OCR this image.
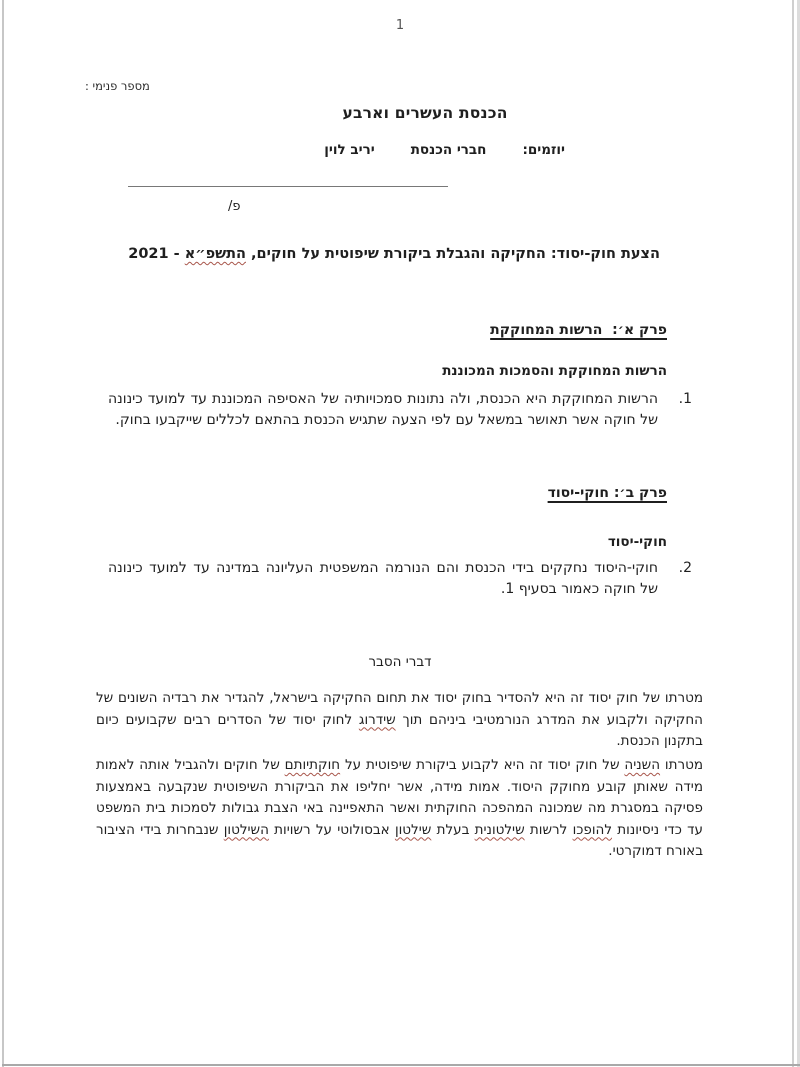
1
מספר פנימי :
הכנסת העשרים וארבע
יוזמים:
חברי הכנסת
יריב לוין
פ/
הצעת חוק-יסוד: החקיקה והגבלת ביקורת שיפוטית על חוקים, התשפ״א - 2021
פרק א׳:  הרשות המחוקקת
הרשות המחוקקת והסמכות המכוננת
1.
הרשות המחוקקת היא הכנסת, ולה נתונות סמכויותיה של האסיפה המכוננת עד למועד כינונה של חוקה אשר תאושר במשאל עם לפי הצעה שתגיש הכנסת בהתאם לכללים שייקבעו בחוק.
פרק ב׳: חוקי-יסוד
חוקי-יסוד
2.
חוקי-היסוד נחקקים בידי הכנסת והם הנורמה המשפטית העליונה במדינה עד למועד כינונה של חוקה כאמור בסעיף 1.
דברי הסבר
מטרתו של חוק יסוד זה היא להסדיר בחוק יסוד את תחום החקיקה בישראל, להגדיר את רבדיה השונים של החקיקה ולקבוע את המדרג הנורמטיבי ביניהם תוך שידרוג לחוק יסוד של הסדרים רבים שקבועים כיום בתקנון הכנסת.
מטרתו השניה של חוק יסוד זה היא לקבוע ביקורת שיפוטית על חוקתיותם של חוקים ולהגביל אותה לאמות מידה שאותן קובע מחוקק היסוד. אמות מידה, אשר יחליפו את הביקורת השיפוטית שנקבעה באמצעות פסיקה במסגרת מה שמכונה המהפכה החוקתית ואשר התאפיינה באי הצבת גבולות לסמכות בית המשפט עד כדי ניסיונות להופכו לרשות שילטונית בעלת שילטון אבסולוטי על רשויות השילטון שנבחרות בידי הציבור באורח דמוקרטי.
